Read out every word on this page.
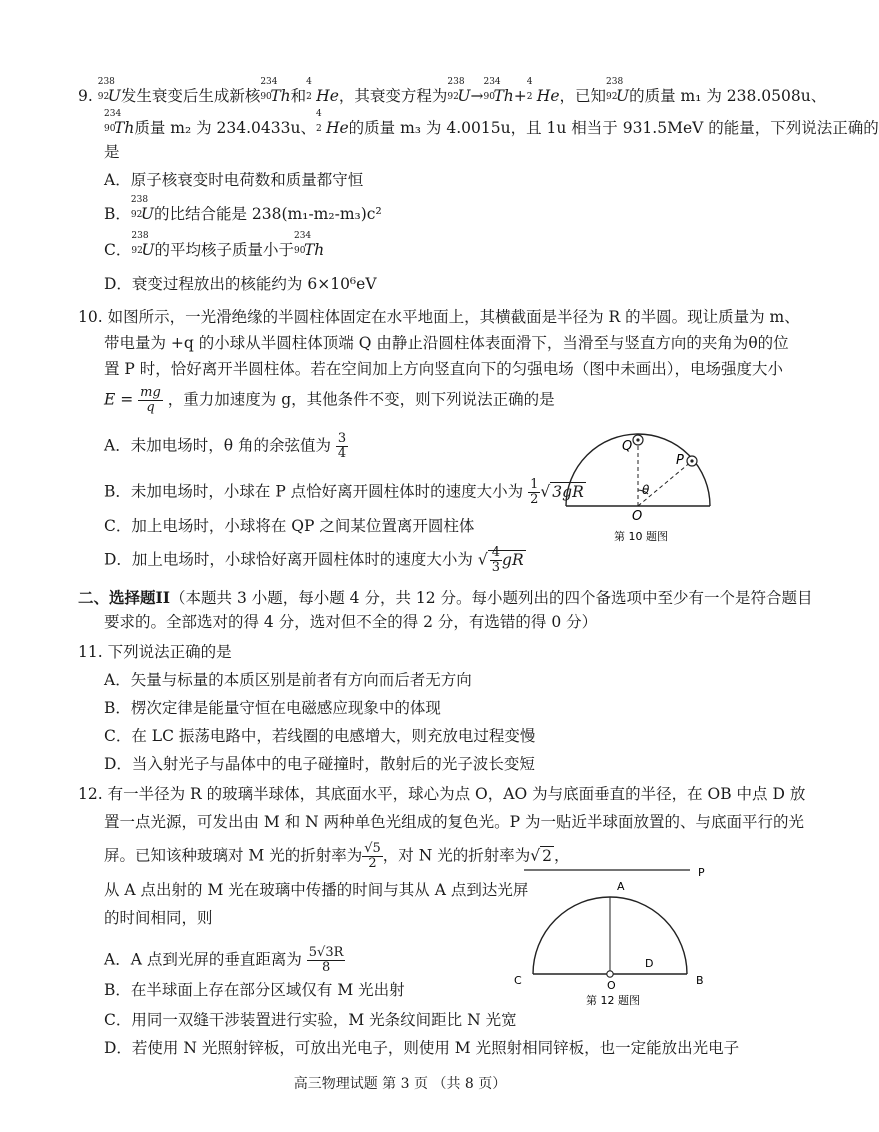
9.
238
92
U发生衰变后生成新核
234
90
Th和
4
2 He，其衰变方程为
238
92
U→
234
90
Th+
4
2 He，已知
238
92
U的质量 m₁ 为 238.0508u、
234
90
Th质量 m₂ 为 234.0433u、
4
2 He的质量 m₃ 为 4.0015u，且 1u 相当于 931.5MeV 的能量，下列说法正确的
是
A．原子核衰变时电荷数和质量都守恒
B．
238
92
U的比结合能是 238(m₁-m₂-m₃)c²
C．
238
92
U的平均核子质量小于
234
90
Th
D．衰变过程放出的核能约为 6×10⁶eV
10. 如图所示，一光滑绝缘的半圆柱体固定在水平地面上，其横截面是半径为 R 的半圆。现让质量为 m、
带电量为 +q 的小球从半圆柱体顶端 Q 由静止沿圆柱体表面滑下，当滑至与竖直方向的夹角为θ的位
置 P 时，恰好离开半圆柱体。若在空间加上方向竖直向下的匀强电场（图中未画出），电场强度大小
$E = \frac{mg}{q}$ ，重力加速度为 g，其他条件不变，则下列说法正确的是
A．未加电场时，θ 角的余弦值为 $\frac{3}{4}$
B．未加电场时，小球在 P 点恰好离开圆柱体时的速度大小为 $\frac{1}{2}$ √ 3gR
C．加上电场时，小球将在 QP 之间某位置离开圆柱体
D．加上电场时，小球恰好离开圆柱体时的速度大小为 √ $\frac{4}{3}$ gR
Q
P
θ
O
第 10 题图
二、选择题II（本题共 3 小题，每小题 4 分，共 12 分。每小题列出的四个备选项中至少有一个是符合题目
要求的。全部选对的得 4 分，选对但不全的得 2 分，有选错的得 0 分）
11. 下列说法正确的是
A．矢量与标量的本质区别是前者有方向而后者无方向
B．楞次定律是能量守恒在电磁感应现象中的体现
C．在 LC 振荡电路中，若线圈的电感增大，则充放电过程变慢
D．当入射光子与晶体中的电子碰撞时，散射后的光子波长变短
12. 有一半径为 R 的玻璃半球体，其底面水平，球心为点 O，AO 为与底面垂直的半径，在 OB 中点 D 放
置一点光源，可发出由 M 和 N 两种单色光组成的复色光。P 为一贴近半球面放置的、与底面平行的光
屏。已知该种玻璃对 M 光的折射率为 $\frac{√5}{2}$ ，对 N 光的折射率为√ 2 ，
从 A 点出射的 M 光在玻璃中传播的时间与其从 A 点到达光屏
的时间相同，则
A．A 点到光屏的垂直距离为 $\frac{5√3R}{8}$
B．在半球面上存在部分区域仅有 M 光出射
C．用同一双缝干涉装置进行实验，M 光条纹间距比 N 光宽
D．若使用 N 光照射锌板，可放出光电子，则使用 M 光照射相同锌板，也一定能放出光电子
P
A
C	O
D
B
第 12 题图
高三物理试题 第 3 页 （共 8 页）
